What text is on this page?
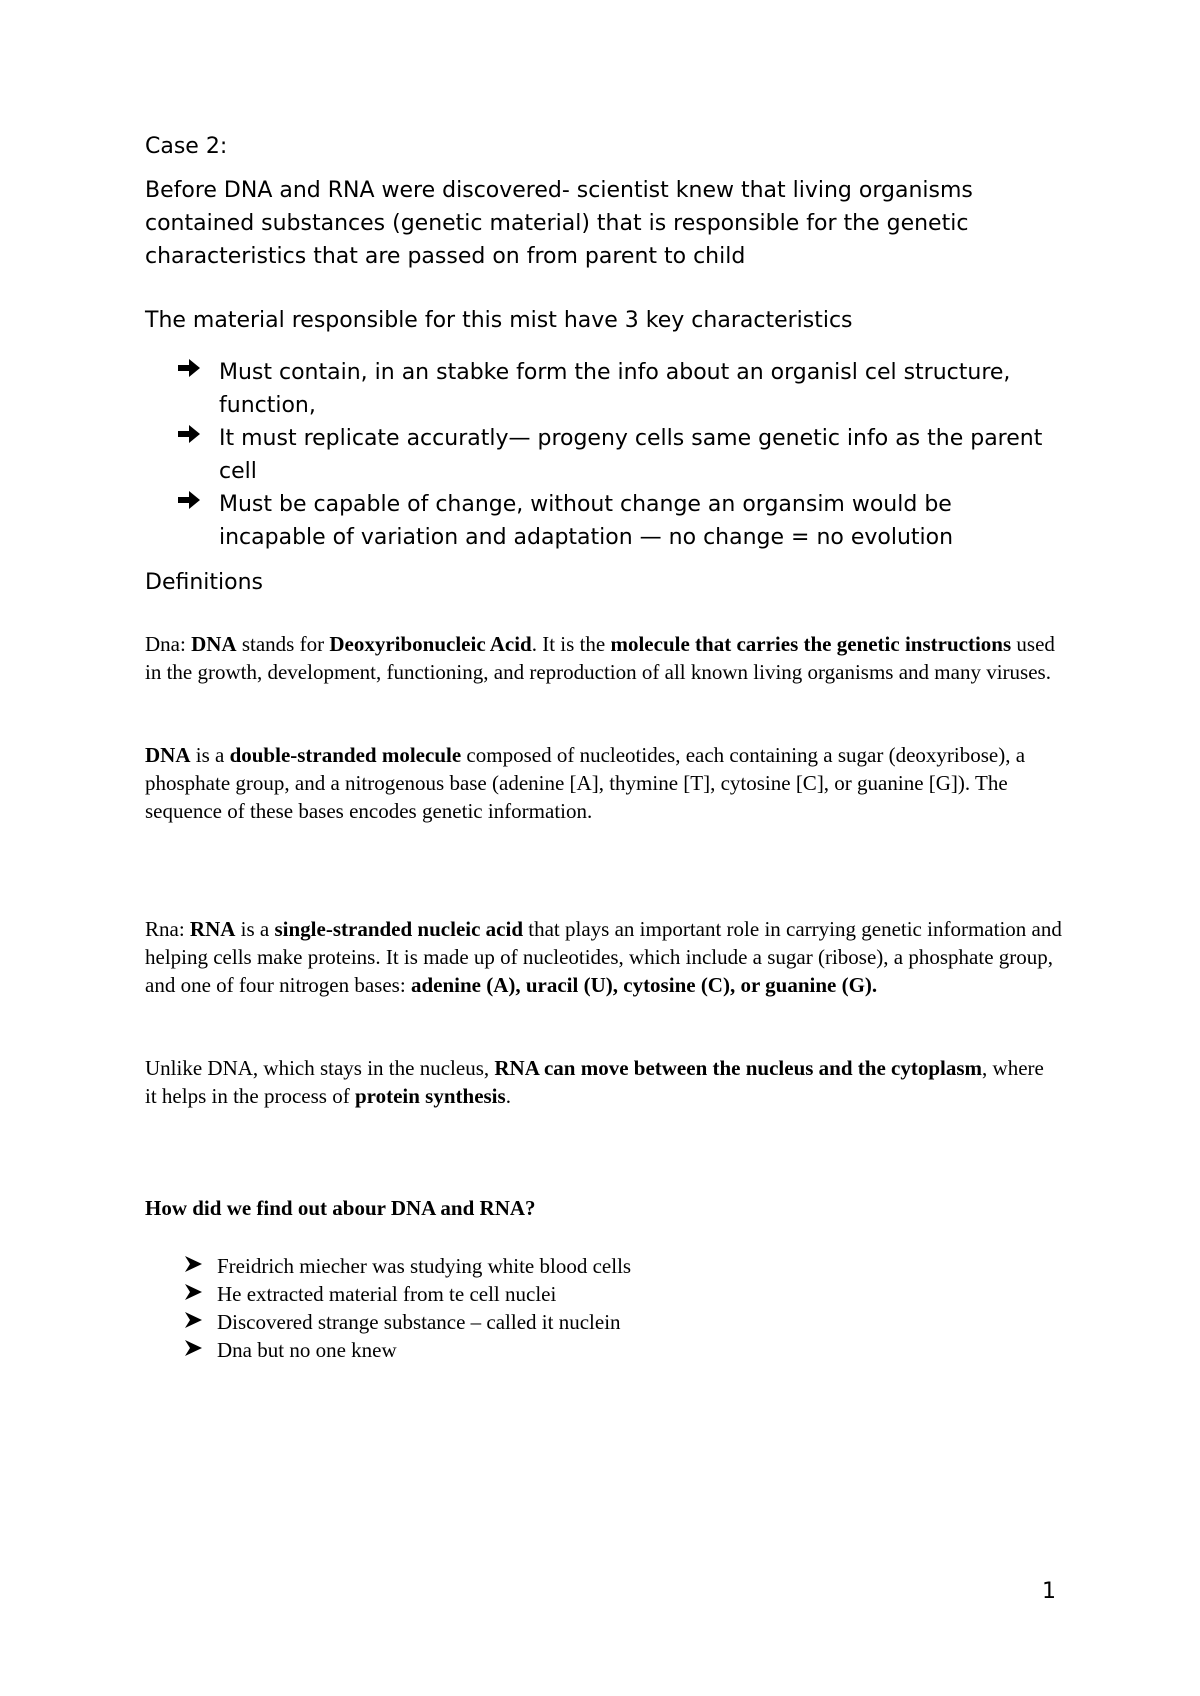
Case 2:

Before DNA and RNA were discovered- scientist knew that living organisms contained substances (genetic material) that is responsible for the genetic characteristics that are passed on from parent to child

The material responsible for this mist have 3 key characteristics

Must contain, in an stabke form the info about an organisl cel structure, function,
It must replicate accuratly— progeny cells same genetic info as the parent cell
Must be capable of change, without change an organsim would be incapable of variation and adaptation — no change = no evolution

Definitions

Dna: DNA stands for Deoxyribonucleic Acid. It is the molecule that carries the genetic instructions used in the growth, development, functioning, and reproduction of all known living organisms and many viruses.

DNA is a double-stranded molecule composed of nucleotides, each containing a sugar (deoxyribose), a phosphate group, and a nitrogenous base (adenine [A], thymine [T], cytosine [C], or guanine [G]). The sequence of these bases encodes genetic information.

Rna: RNA is a single-stranded nucleic acid that plays an important role in carrying genetic information and helping cells make proteins. It is made up of nucleotides, which include a sugar (ribose), a phosphate group, and one of four nitrogen bases: adenine (A), uracil (U), cytosine (C), or guanine (G).

Unlike DNA, which stays in the nucleus, RNA can move between the nucleus and the cytoplasm, where it helps in the process of protein synthesis.

How did we find out abour DNA and RNA?

Freidrich miecher was studying white blood cells
He extracted material from te cell nuclei
Discovered strange substance – called it nuclein
Dna but no one knew
1
